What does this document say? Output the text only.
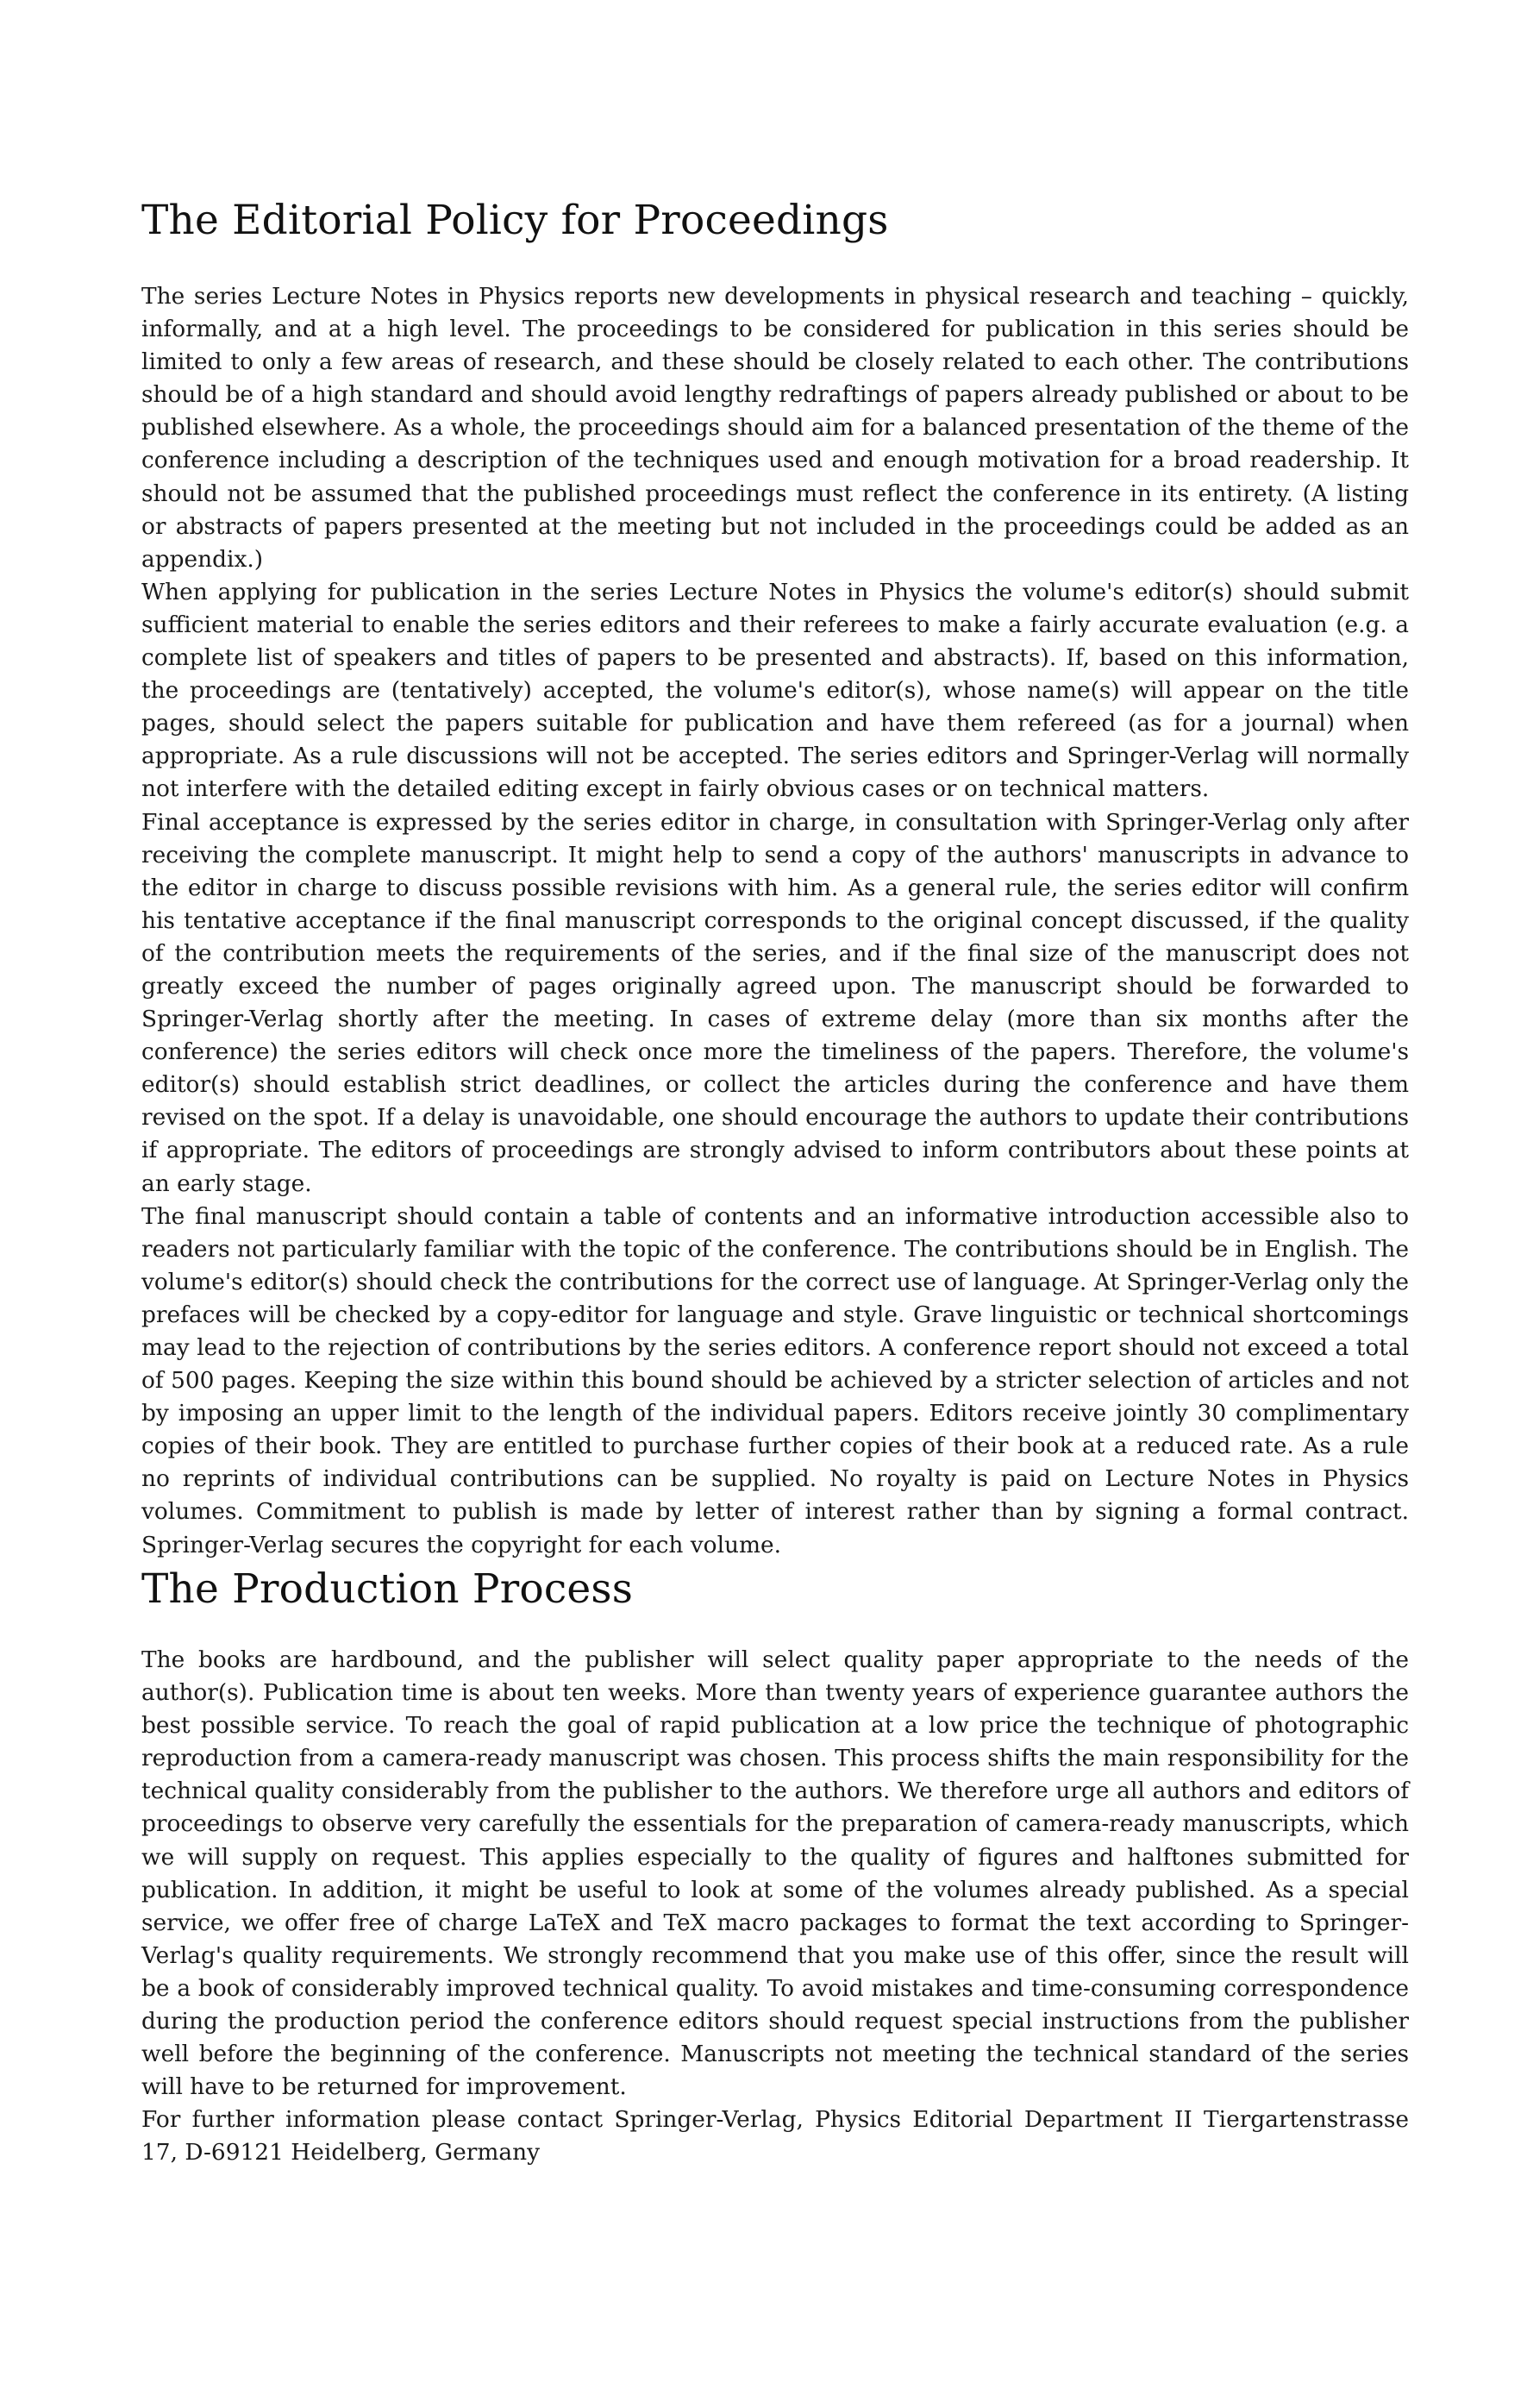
The Editorial Policy for Proceedings

The series Lecture Notes in Physics reports new developments in physical research and teaching – quickly, informally, and at a high level. The proceedings to be considered for publication in this series should be limited to only a few areas of research, and these should be closely related to each other. The contributions should be of a high standard and should avoid lengthy redraftings of papers already published or about to be published elsewhere. As a whole, the proceedings should aim for a balanced presentation of the theme of the conference including a description of the techniques used and enough motivation for a broad readership. It should not be assumed that the published proceedings must reflect the conference in its entirety. (A listing or abstracts of papers presented at the meeting but not included in the proceedings could be added as an appendix.)

When applying for publication in the series Lecture Notes in Physics the volume's editor(s) should submit sufficient material to enable the series editors and their referees to make a fairly accurate evaluation (e.g. a complete list of speakers and titles of papers to be presented and abstracts). If, based on this information, the proceedings are (tentatively) accepted, the volume's editor(s), whose name(s) will appear on the title pages, should select the papers suitable for publication and have them refereed (as for a journal) when appropriate. As a rule discussions will not be accepted. The series editors and Springer-Verlag will normally not interfere with the detailed editing except in fairly obvious cases or on technical matters.

Final acceptance is expressed by the series editor in charge, in consultation with Springer-Verlag only after receiving the complete manuscript. It might help to send a copy of the authors' manuscripts in advance to the editor in charge to discuss possible revisions with him. As a general rule, the series editor will confirm his tentative acceptance if the final manuscript corresponds to the original concept discussed, if the quality of the contribution meets the requirements of the series, and if the final size of the manuscript does not greatly exceed the number of pages originally agreed upon. The manuscript should be forwarded to Springer-Verlag shortly after the meeting. In cases of extreme delay (more than six months after the conference) the series editors will check once more the timeliness of the papers. Therefore, the volume's editor(s) should establish strict deadlines, or collect the articles during the conference and have them revised on the spot. If a delay is unavoidable, one should encourage the authors to update their contributions if appropriate. The editors of proceedings are strongly advised to inform contributors about these points at an early stage.

The final manuscript should contain a table of contents and an informative introduction accessible also to readers not particularly familiar with the topic of the conference. The contributions should be in English. The volume's editor(s) should check the contributions for the correct use of language. At Springer-Verlag only the prefaces will be checked by a copy-editor for language and style. Grave linguistic or technical shortcomings may lead to the rejection of contributions by the series editors. A conference report should not exceed a total of 500 pages. Keeping the size within this bound should be achieved by a stricter selection of articles and not by imposing an upper limit to the length of the individual papers. Editors receive jointly 30 complimentary copies of their book. They are entitled to purchase further copies of their book at a reduced rate. As a rule no reprints of individual contributions can be supplied. No royalty is paid on Lecture Notes in Physics volumes. Commitment to publish is made by letter of interest rather than by signing a formal contract. Springer-Verlag secures the copyright for each volume.

The Production Process

The books are hardbound, and the publisher will select quality paper appropriate to the needs of the author(s). Publication time is about ten weeks. More than twenty years of experience guarantee authors the best possible service. To reach the goal of rapid publication at a low price the technique of photographic reproduction from a camera-ready manuscript was chosen. This process shifts the main responsibility for the technical quality considerably from the publisher to the authors. We therefore urge all authors and editors of proceedings to observe very carefully the essentials for the preparation of camera-ready manuscripts, which we will supply on request. This applies especially to the quality of figures and halftones submitted for publication. In addition, it might be useful to look at some of the volumes already published. As a special service, we offer free of charge LaTeX and TeX macro packages to format the text according to Springer-Verlag's quality requirements. We strongly recommend that you make use of this offer, since the result will be a book of considerably improved technical quality. To avoid mistakes and time-consuming correspondence during the production period the conference editors should request special instructions from the publisher well before the beginning of the conference. Manuscripts not meeting the technical standard of the series will have to be returned for improvement.

For further information please contact Springer-Verlag, Physics Editorial Department II Tiergartenstrasse 17, D-69121 Heidelberg, Germany
